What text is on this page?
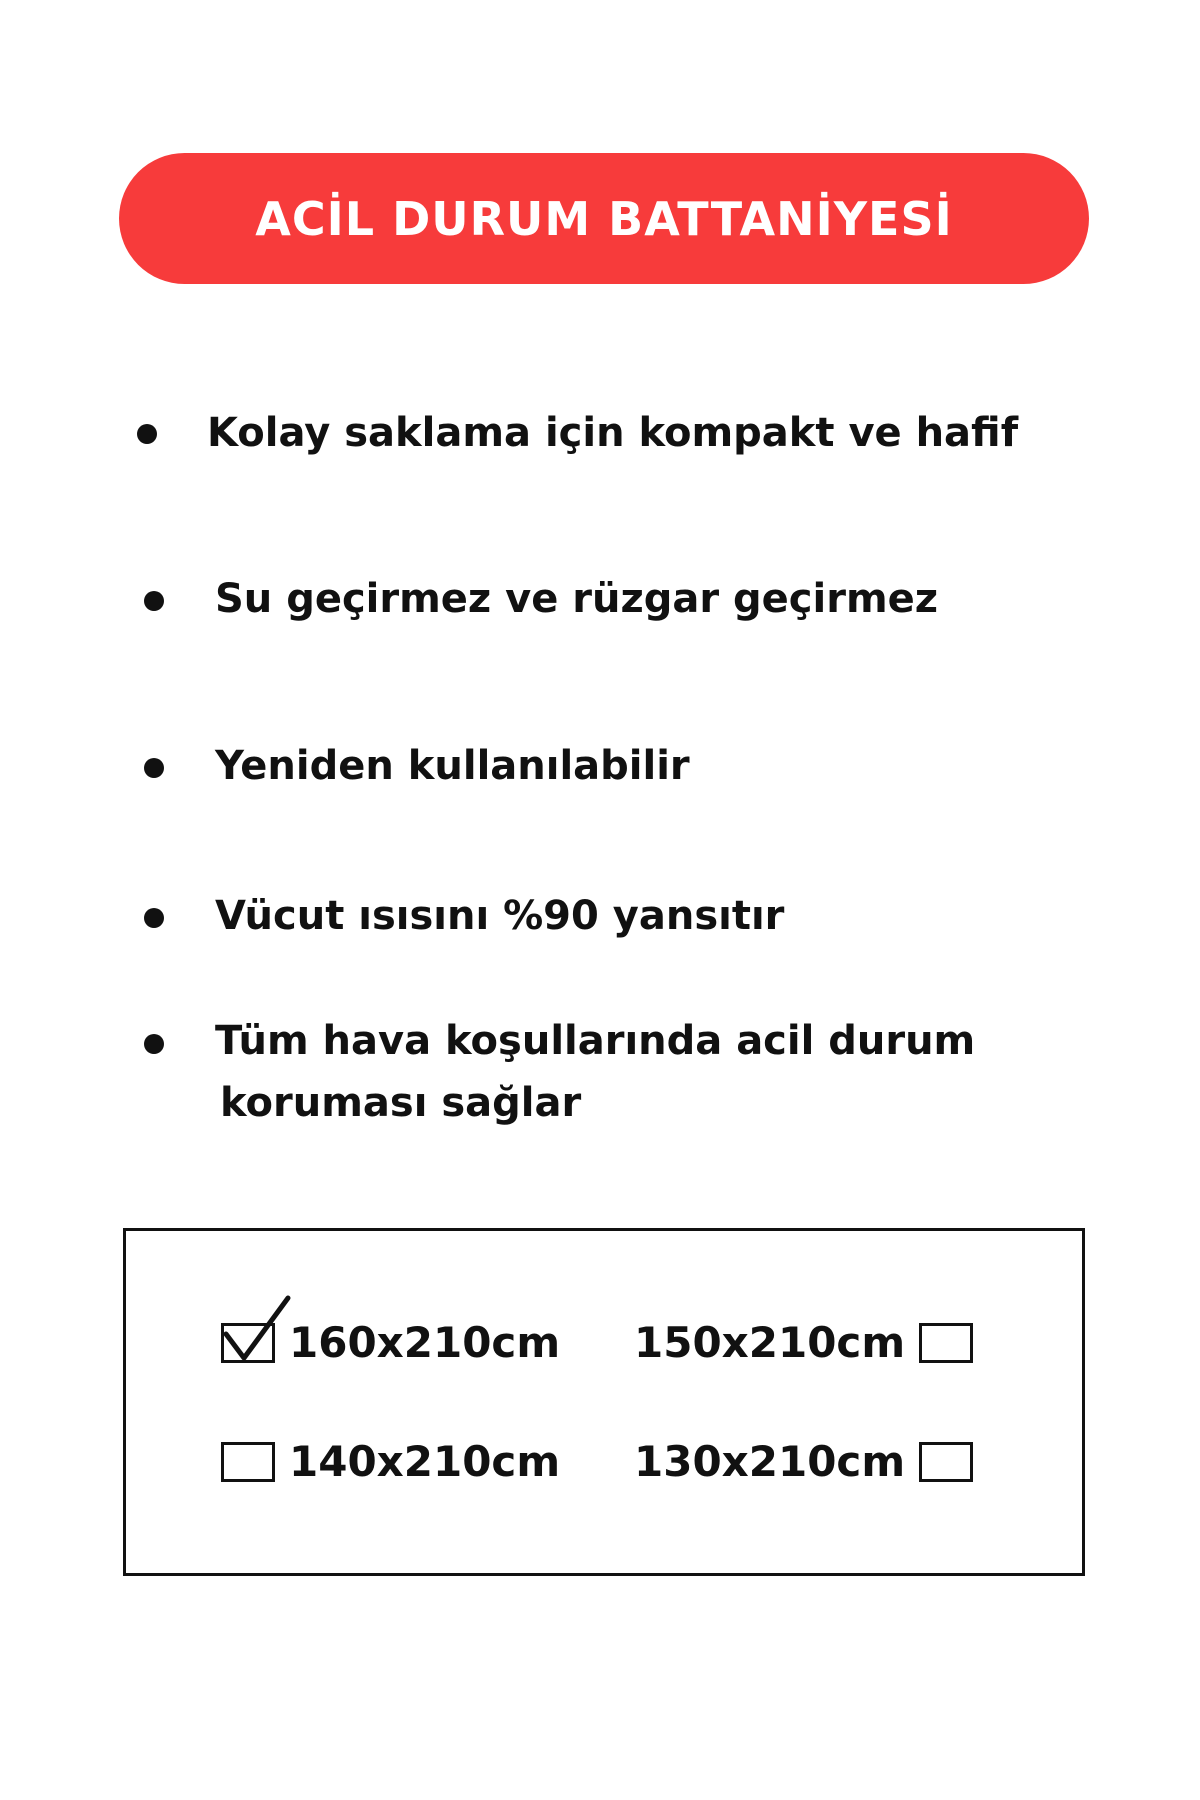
ACİL DURUM BATTANİYESİ
Kolay saklama için kompakt ve hafif
Su geçirmez ve rüzgar geçirmez
Yeniden kullanılabilir
Vücut ısısını %90 yansıtır
Tüm hava koşullarında acil durum
koruması sağlar
160x210cm 150x210cm
140x210cm 130x210cm
